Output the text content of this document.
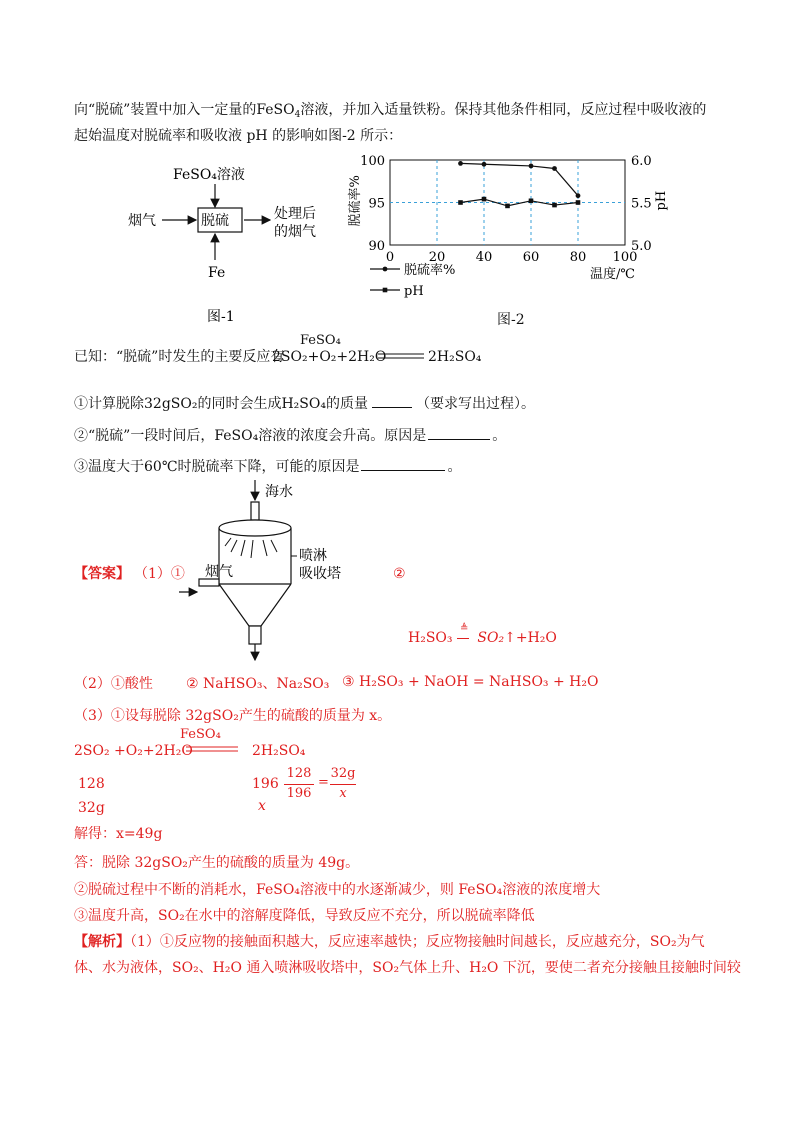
向“脱硫”装置中加入一定量的FeSO$_4$溶液，并加入适量铁粉。保持其他条件相同，反应过程中吸收液的
起始温度对脱硫率和吸收液 pH 的影响如图-2 所示：
FeSO₄溶液
脱硫
烟气	处理后
的烟气
Fe
图-1
100
95
90
6.0
5.5
5.0
0	20 40 60 80 100
脱硫率%	pH
温度/℃
脱硫率%
pH
图-2
已知：“脱硫”时发生的主要反应有
FeSO₄
2SO₂+O₂+2H₂O	2H₂SO₄
①计算脱除32gSO₂的同时会生成H₂SO₄的质量	（要求写出过程）。
②“脱硫”一段时间后，FeSO₄溶液的浓度会升高。原因是	。
③温度大于60℃时脱硫率下降，可能的原因是	。
海水
喷淋
吸收塔
烟气
【答案】 （1）①	②
H₂SO₃
≜
SO₂↑+H₂O
（2）①酸性 ② NaHSO₃、Na₂SO₃ ③ H₂SO₃ + NaOH = NaHSO₃ + H₂O
（3）①设每脱除 32gSO₂产生的硫酸的质量为 x。
FeSO₄
2SO₂ +O₂+2H₂O	2H₂SO₄
128
32g
196
x
128
196
=
32g
x
解得：x=49g
答：脱除 32gSO₂产生的硫酸的质量为 49g。
②脱硫过程中不断的消耗水，FeSO₄溶液中的水逐渐减少，则 FeSO₄溶液的浓度增大
③温度升高，SO₂在水中的溶解度降低，导致反应不充分，所以脱硫率降低
【解析】（1）①反应物的接触面积越大，反应速率越快；反应物接触时间越长，反应越充分，SO₂为气
体、水为液体，SO₂、H₂O 通入喷淋吸收塔中，SO₂气体上升、H₂O 下沉，要使二者充分接触且接触时间较
